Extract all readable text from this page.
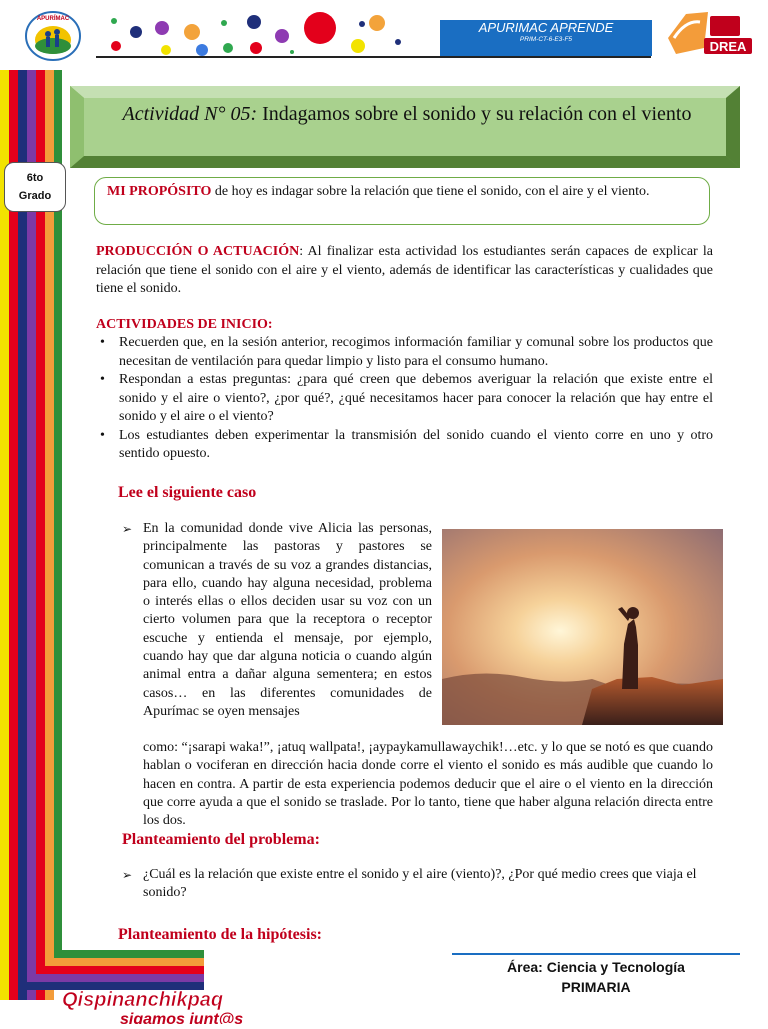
APURÍMAC
APURIMAC APRENDE
PRIM-CT-6-E3-F5	DREA
Actividad N° 05: Indagamos sobre el sonido y su relación con el viento
6to
Grado	MI PROPÓSITO de hoy es indagar sobre la relación que tiene el sonido, con el aire y el viento.
PRODUCCIÓN O ACTUACIÓN: Al finalizar esta actividad los estudiantes serán capaces de explicar la relación que tiene el sonido con el aire y el viento, además de identificar las características y cualidades que tiene el sonido.
ACTIVIDADES DE INICIO:
• Recuerden que, en la sesión anterior, recogimos información familiar y comunal sobre los productos que necesitan de ventilación para quedar limpio y listo para el consumo humano.
• Respondan a estas preguntas: ¿para qué creen que debemos averiguar la relación que existe entre el sonido y el aire o viento?, ¿por qué?, ¿qué necesitamos hacer para conocer la relación que hay entre el sonido y el aire o el viento?
• Los estudiantes deben experimentar la transmisión del sonido cuando el viento corre en uno y otro sentido opuesto.
Lee el siguiente caso
➢ En la comunidad donde vive Alicia las personas, principalmente las pastoras y pastores se comunican a través de su voz a grandes distancias, para ello, cuando hay alguna necesidad, problema o interés ellas o ellos deciden usar su voz con un cierto volumen para que la receptora o receptor escuche y entienda el mensaje, por ejemplo, cuando hay que dar alguna noticia o cuando algún animal entra a dañar alguna sementera; en estos casos… en las diferentes comunidades de Apurímac se oyen mensajes
como: “¡sarapi waka!”, ¡atuq wallpata!, ¡aypaykamullawaychik!…etc. y lo que se notó es que cuando hablan o vociferan en dirección hacia donde corre el viento el sonido es más audible que cuando lo hacen en contra. A partir de esta experiencia podemos deducir que el aire o el viento en la dirección que corre ayuda a que el sonido se traslade. Por lo tanto, tiene que haber alguna relación directa entre los dos.
Planteamiento del problema:
➢ ¿Cuál es la relación que existe entre el sonido y el aire (viento)?, ¿Por qué medio crees que viaja el sonido?
Planteamiento de la hipótesis:
Área: Ciencia y Tecnología
PRIMARIA
Qispinanchikpaq
sigamos junt@s
